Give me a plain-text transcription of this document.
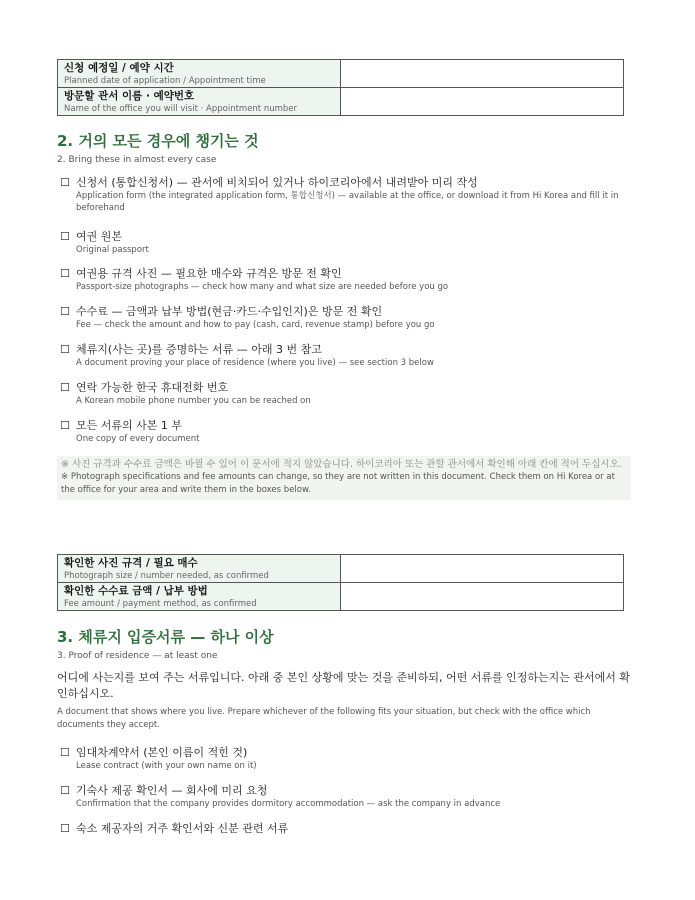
신청 예정일 / 예약 시간
Planned date of application / Appointment time	

방문할 관서 이름 · 예약번호
Name of the office you will visit · Appointment number	

2. 거의 모든 경우에 챙기는 것
2. Bring these in almost every case
☐ 신청서 (통합신청서) — 관서에 비치되어 있거나 하이코리아에서 내려받아 미리 작성
Application form (the integrated application form, 통합신청서) — available at the office, or download it from Hi Korea and fill it in beforehand
☐ 여권 원본
Original passport
☐ 여권용 규격 사진 — 필요한 매수와 규격은 방문 전 확인
Passport-size photographs — check how many and what size are needed before you go
☐ 수수료 — 금액과 납부 방법(현금·카드·수입인지)은 방문 전 확인
Fee — check the amount and how to pay (cash, card, revenue stamp) before you go
☐ 체류지(사는 곳)를 증명하는 서류 — 아래 3 번 참고
A document proving your place of residence (where you live) — see section 3 below
☐ 연락 가능한 한국 휴대전화 번호
A Korean mobile phone number you can be reached on
☐ 모든 서류의 사본 1 부
One copy of every document
※ 사진 규격과 수수료 금액은 바뀔 수 있어 이 문서에 적지 않았습니다. 하이코리아 또는 관할 관서에서 확인해 아래 칸에 적어 두십시오.
※ Photograph specifications and fee amounts can change, so they are not written in this document. Check them on Hi Korea or at the office for your area and write them in the boxes below.
확인한 사진 규격 / 필요 매수
Photograph size / number needed, as confirmed	

확인한 수수료 금액 / 납부 방법
Fee amount / payment method, as confirmed	

3. 체류지 입증서류 — 하나 이상
3. Proof of residence — at least one
어디에 사는지를 보여 주는 서류입니다. 아래 중 본인 상황에 맞는 것을 준비하되, 어떤 서류를 인정하는지는 관서에서 확인하십시오.
A document that shows where you live. Prepare whichever of the following fits your situation, but check with the office which documents they accept.
☐ 임대차계약서 (본인 이름이 적힌 것)
Lease contract (with your own name on it)
☐ 기숙사 제공 확인서 — 회사에 미리 요청
Confirmation that the company provides dormitory accommodation — ask the company in advance
☐ 숙소 제공자의 거주 확인서와 신분 관련 서류
